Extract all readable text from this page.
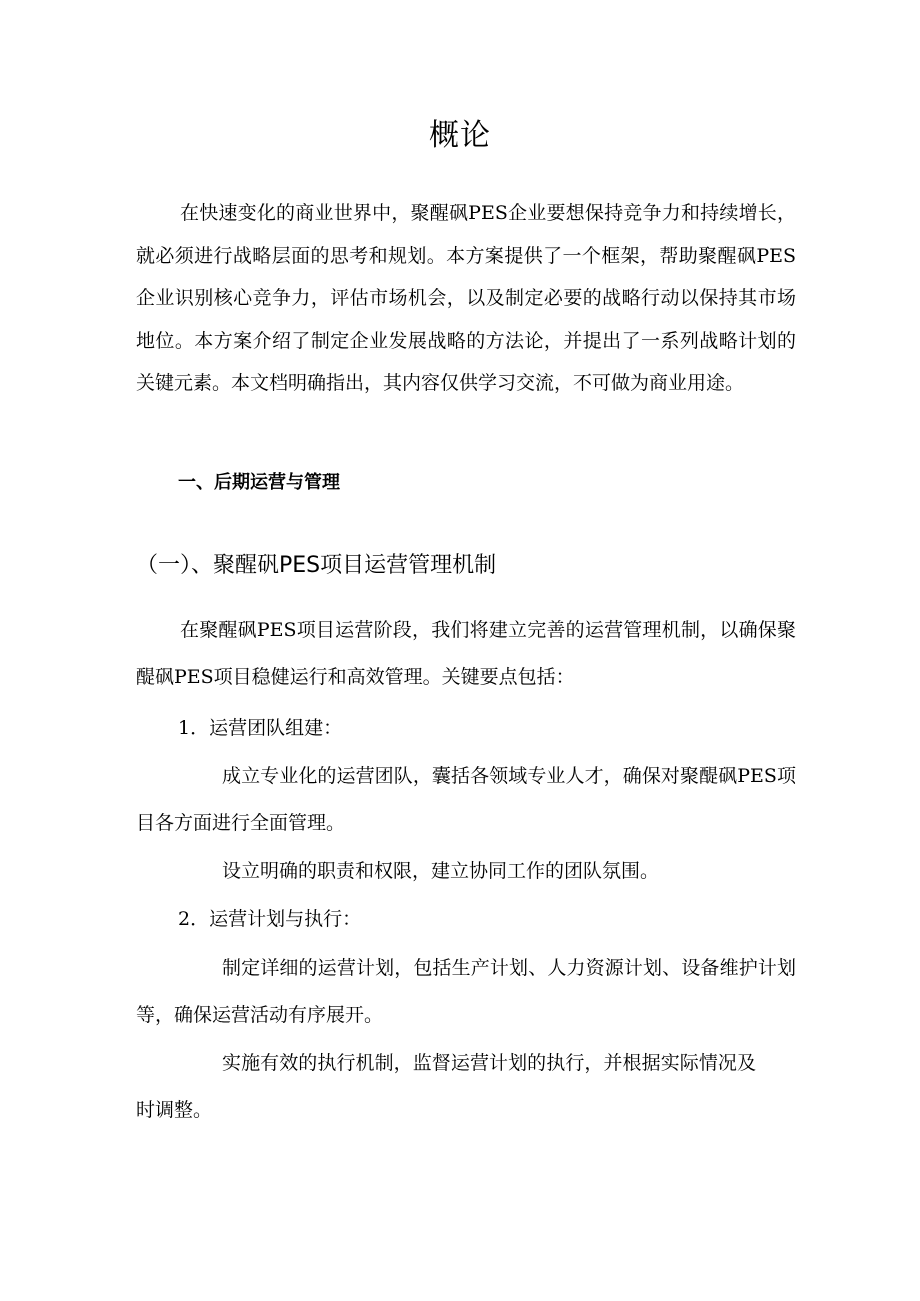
概论

在快速变化的商业世界中，聚醒砜PES企业要想保持竞争力和持续增长，就必须进行战略层面的思考和规划。本方案提供了一个框架，帮助聚醒砜PES企业识别核心竞争力，评估市场机会，以及制定必要的战略行动以保持其市场地位。本方案介绍了制定企业发展战略的方法论，并提出了一系列战略计划的关键元素。本文档明确指出，其内容仅供学习交流，不可做为商业用途。

一、后期运营与管理

（一）、聚醒矾PES项目运营管理机制

在聚醒砜PES项目运营阶段，我们将建立完善的运营管理机制，以确保聚醍砜PES项目稳健运行和高效管理。关键要点包括：

1．运营团队组建：

成立专业化的运营团队，囊括各领域专业人才，确保对聚醍砜PES项目各方面进行全面管理。

设立明确的职责和权限，建立协同工作的团队氛围。

2．运营计划与执行：

制定详细的运营计划，包括生产计划、人力资源计划、设备维护计划等，确保运营活动有序展开。

实施有效的执行机制，监督运营计划的执行，并根据实际情况及时调整。
